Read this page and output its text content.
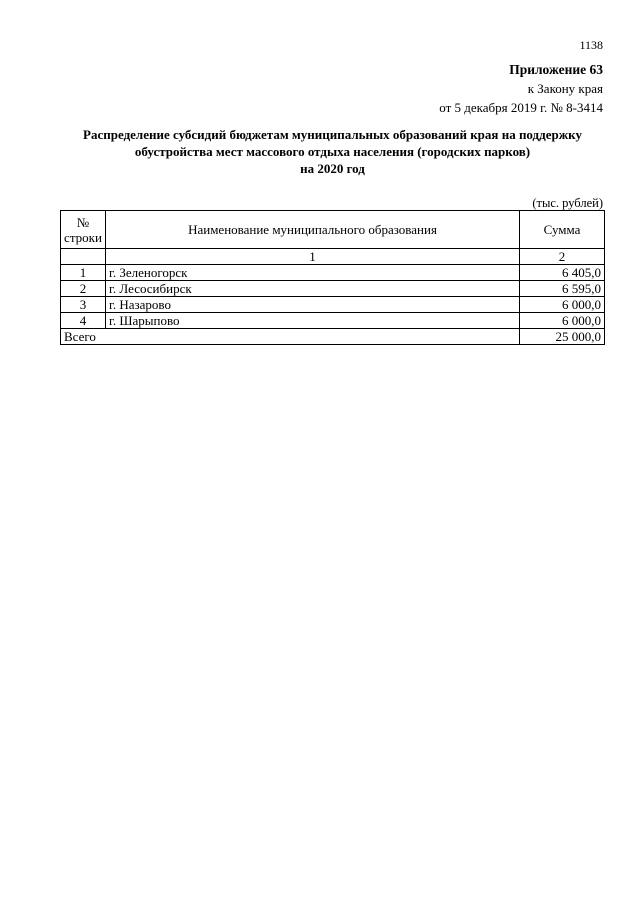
1138
Приложение 63
к Закону края
от 5 декабря 2019 г. № 8-3414
Распределение субсидий бюджетам муниципальных образований края на поддержку
обустройства мест массового отдыха населения (городских парков)
на 2020 год
(тыс. рублей)
№
строки	Наименование муниципального образования	Сумма
	1	2
1	г. Зеленогорск	6 405,0
2	г. Лесосибирск	6 595,0
3	г. Назарово	6 000,0
4	г. Шарыпово	6 000,0
Всего		25 000,0
